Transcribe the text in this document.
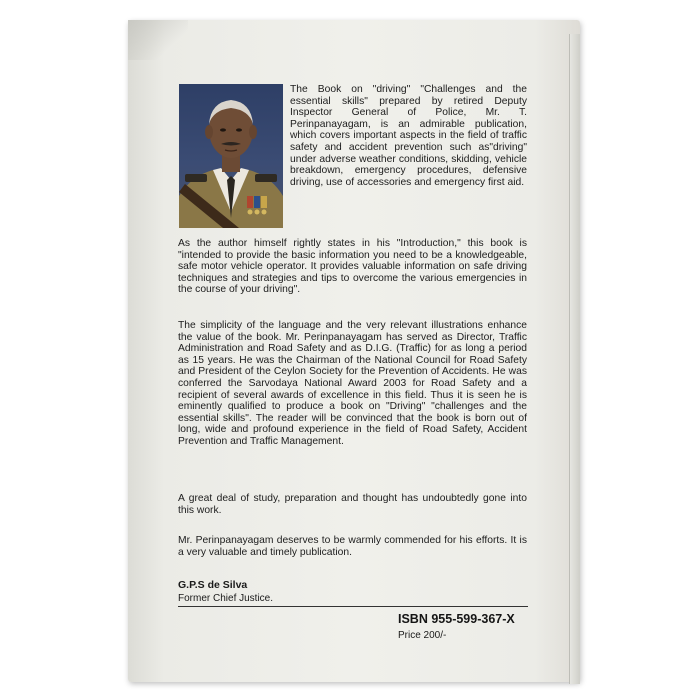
The Book on "driving" "Challenges and the essential skills" prepared by retired Deputy Inspector General of Police, Mr. T. Perinpanayagam, is an admirable publication, which covers important aspects in the field of traffic safety and accident prevention such as"driving" under adverse weather conditions, skidding, vehicle breakdown, emergency procedures, defensive driving, use of accessories and emergency first aid.

As the author himself rightly states in his "Introduction," this book is "intended to provide the basic information you need to be a knowledgeable, safe motor vehicle operator. It provides valuable information on safe driving techniques and strategies and tips to overcome the various emergencies in the course of your driving".

The simplicity of the language and the very relevant illustrations enhance the value of the book. Mr. Perinpanayagam has served as Director, Traffic Administration and Road Safety and as D.I.G. (Traffic) for as long a period as 15 years. He was the Chairman of the National Council for Road Safety and President of the Ceylon Society for the Prevention of Accidents. He was conferred the Sarvodaya National Award 2003 for Road Safety and a recipient of several awards of excellence in this field. Thus it is seen he is eminently qualified to produce a book on "Driving" "challenges and the essential skills". The reader will be convinced that the book is born out of long, wide and profound experience in the field of Road Safety, Accident Prevention and Traffic Management.

A great deal of study, preparation and thought has undoubtedly gone into this work.

Mr. Perinpanayagam deserves to be warmly commended for his efforts. It is a very valuable and timely publication.

G.P.S de Silva
Former Chief Justice.
ISBN 955-599-367-X
Price 200/-
